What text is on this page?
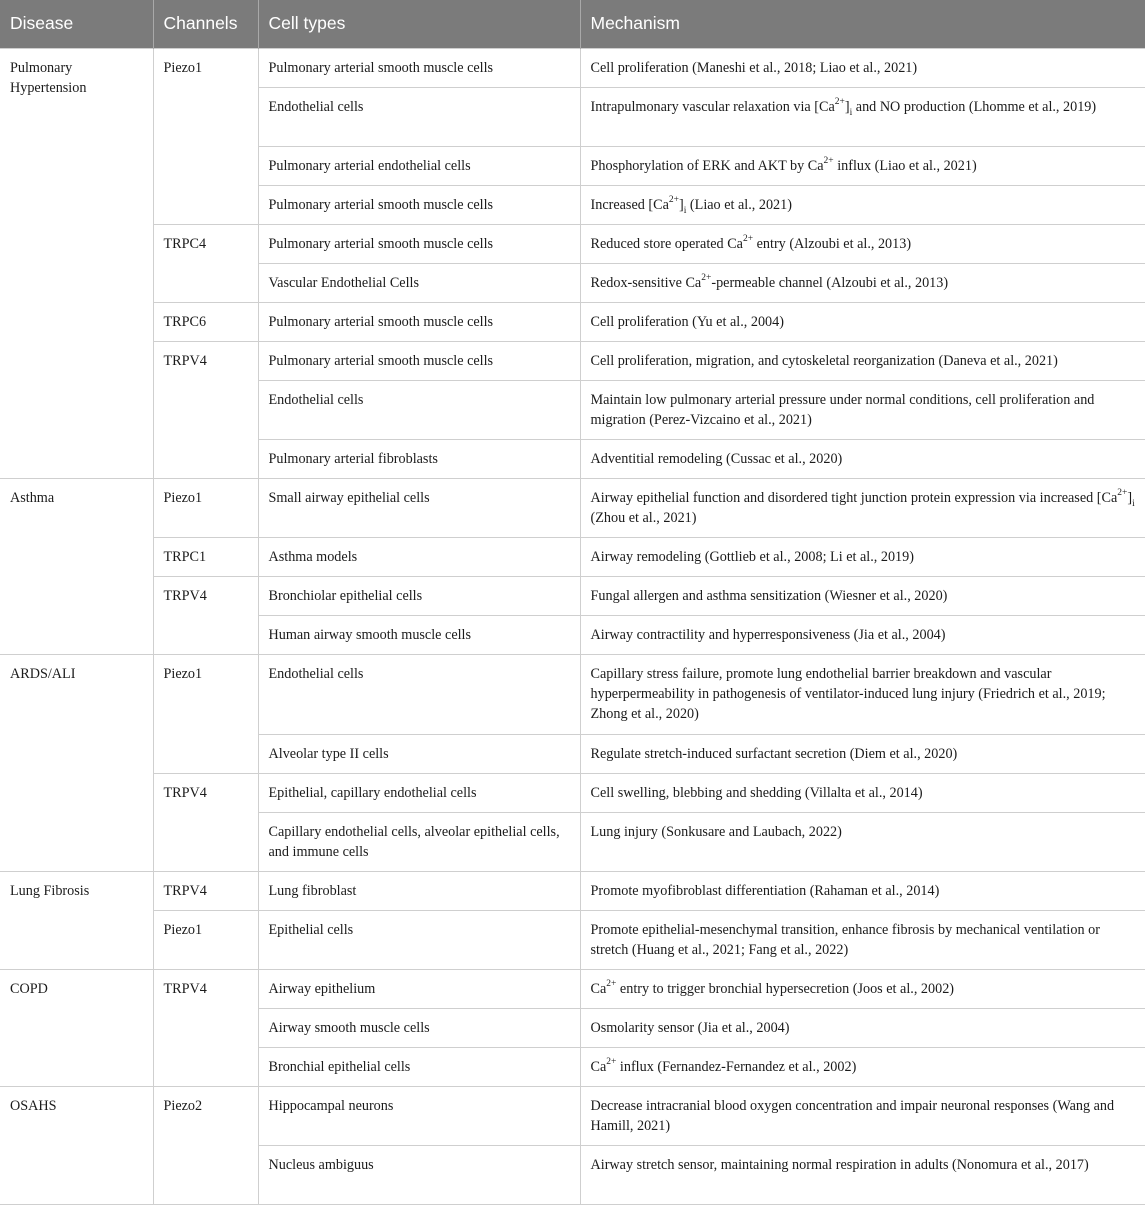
Disease	Channels	Cell types	Mechanism
Pulmonary Hypertension	Piezo1	Pulmonary arterial smooth muscle cells	Cell proliferation (Maneshi et al., 2018; Liao et al., 2021)
		Endothelial cells	Intrapulmonary vascular relaxation via $[Ca^{2+}]_i$ and NO production (Lhomme et al., 2019)
		Pulmonary arterial endothelial cells	Phosphorylation of ERK and AKT by $Ca^{2+}$ influx (Liao et al., 2021)
		Pulmonary arterial smooth muscle cells	Increased $[Ca^{2+}]_i$ (Liao et al., 2021)
	TRPC4	Pulmonary arterial smooth muscle cells	Reduced store operated $Ca^{2+}$ entry (Alzoubi et al., 2013)
		Vascular Endothelial Cells	Redox-sensitive $Ca^{2+}$-permeable channel (Alzoubi et al., 2013)
	TRPC6	Pulmonary arterial smooth muscle cells	Cell proliferation (Yu et al., 2004)
	TRPV4	Pulmonary arterial smooth muscle cells	Cell proliferation, migration, and cytoskeletal reorganization (Daneva et al., 2021)
		Endothelial cells	Maintain low pulmonary arterial pressure under normal conditions, cell proliferation and migration (Perez-Vizcaino et al., 2021)
		Pulmonary arterial fibroblasts	Adventitial remodeling (Cussac et al., 2020)
Asthma	Piezo1	Small airway epithelial cells	Airway epithelial function and disordered tight junction protein expression via increased $[Ca^{2+}]_i$ (Zhou et al., 2021)
	TRPC1	Asthma models	Airway remodeling (Gottlieb et al., 2008; Li et al., 2019)
	TRPV4	Bronchiolar epithelial cells	Fungal allergen and asthma sensitization (Wiesner et al., 2020)
		Human airway smooth muscle cells	Airway contractility and hyperresponsiveness (Jia et al., 2004)
ARDS/ALI	Piezo1	Endothelial cells	Capillary stress failure, promote lung endothelial barrier breakdown and vascular hyperpermeability in pathogenesis of ventilator-induced lung injury (Friedrich et al., 2019; Zhong et al., 2020)
		Alveolar type II cells	Regulate stretch-induced surfactant secretion (Diem et al., 2020)
	TRPV4	Epithelial, capillary endothelial cells	Cell swelling, blebbing and shedding (Villalta et al., 2014)
		Capillary endothelial cells, alveolar epithelial cells, and immune cells	Lung injury (Sonkusare and Laubach, 2022)
Lung Fibrosis	TRPV4	Lung fibroblast	Promote myofibroblast differentiation (Rahaman et al., 2014)
	Piezo1	Epithelial cells	Promote epithelial-mesenchymal transition, enhance fibrosis by mechanical ventilation or stretch (Huang et al., 2021; Fang et al., 2022)
COPD	TRPV4	Airway epithelium	$Ca^{2+}$ entry to trigger bronchial hypersecretion (Joos et al., 2002)
		Airway smooth muscle cells	Osmolarity sensor (Jia et al., 2004)
		Bronchial epithelial cells	$Ca^{2+}$ influx (Fernandez-Fernandez et al., 2002)
OSAHS	Piezo2	Hippocampal neurons	Decrease intracranial blood oxygen concentration and impair neuronal responses (Wang and Hamill, 2021)
		Nucleus ambiguus	Airway stretch sensor, maintaining normal respiration in adults (Nonomura et al., 2017)
